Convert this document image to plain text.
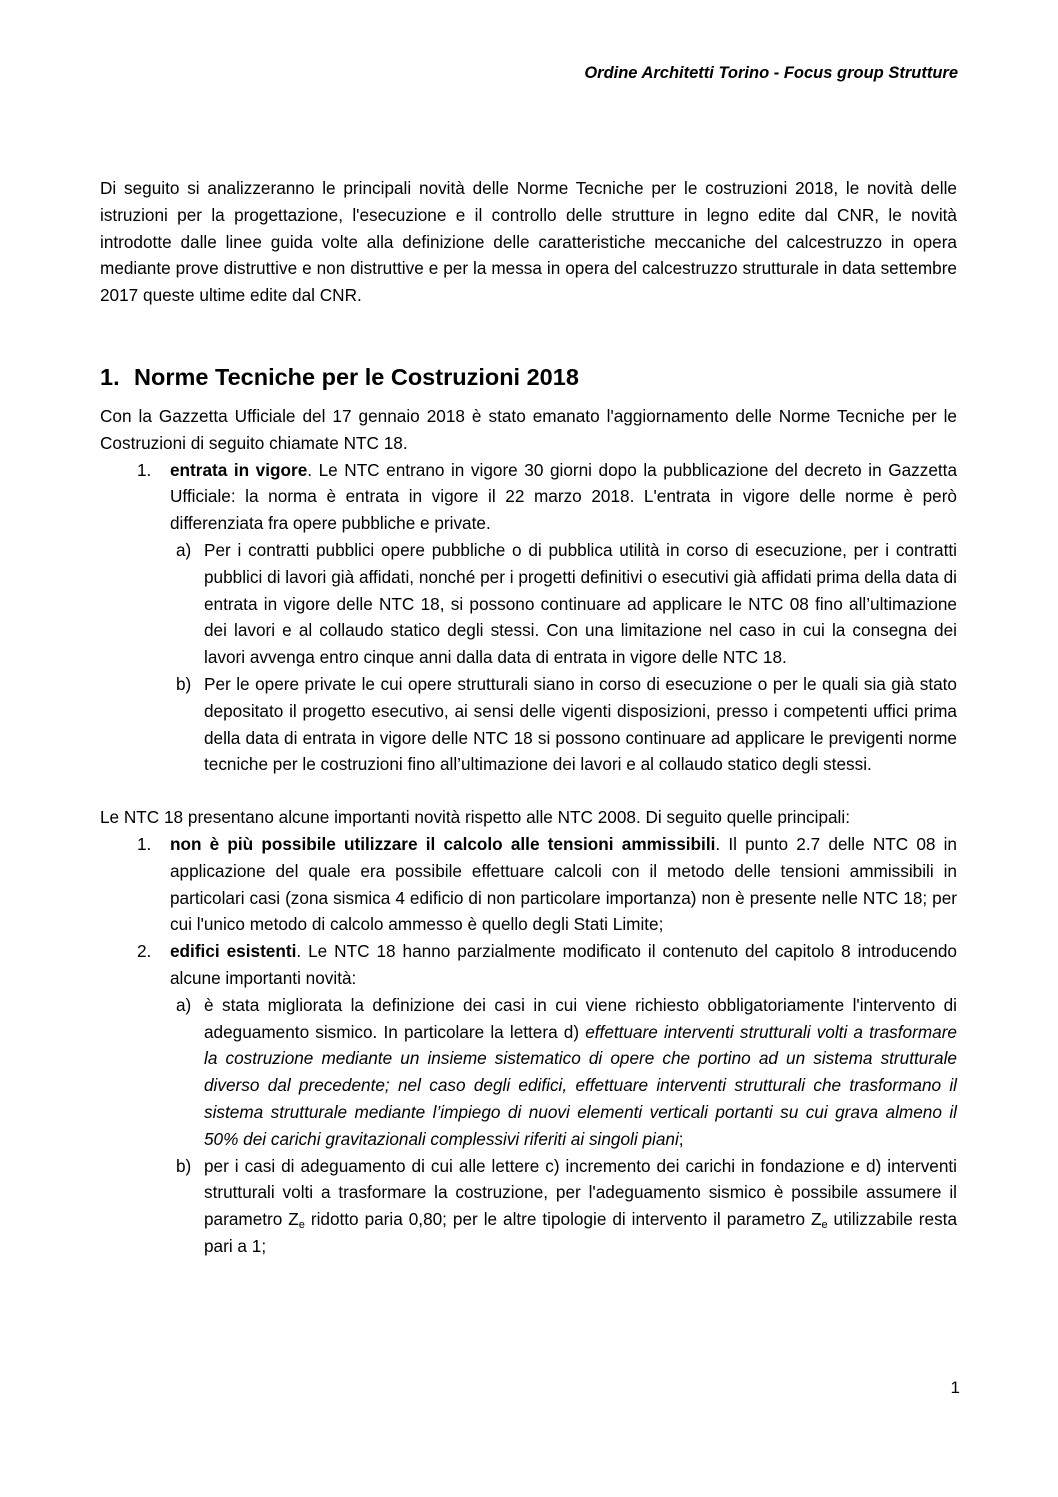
Ordine Architetti Torino - Focus group Strutture

Di seguito si analizzeranno le principali novità delle Norme Tecniche per le costruzioni 2018, le novità delle istruzioni per la progettazione, l'esecuzione e il controllo delle strutture in legno edite dal CNR, le novità introdotte dalle linee guida volte alla definizione delle caratteristiche meccaniche del calcestruzzo in opera mediante prove distruttive e non distruttive e per la messa in opera del calcestruzzo strutturale in data settembre 2017 queste ultime edite dal CNR.

1. Norme Tecniche per le Costruzioni 2018

Con la Gazzetta Ufficiale del 17 gennaio 2018 è stato emanato l'aggiornamento delle Norme Tecniche per le Costruzioni di seguito chiamate NTC 18.

1.	entrata in vigore. Le NTC entrano in vigore 30 giorni dopo la pubblicazione del decreto in Gazzetta Ufficiale: la norma è entrata in vigore il 22 marzo 2018. L'entrata in vigore delle norme è però differenziata fra opere pubbliche e private.

a) Per i contratti pubblici opere pubbliche o di pubblica utilità in corso di esecuzione, per i contratti pubblici di lavori già affidati, nonché per i progetti definitivi o esecutivi già affidati prima della data di entrata in vigore delle NTC 18, si possono continuare ad applicare le NTC 08 fino all’ultimazione dei lavori e al collaudo statico degli stessi. Con una limitazione nel caso in cui la consegna dei lavori avvenga entro cinque anni dalla data di entrata in vigore delle NTC 18.

b) Per le opere private le cui opere strutturali siano in corso di esecuzione o per le quali sia già stato depositato il progetto esecutivo, ai sensi delle vigenti disposizioni, presso i competenti uffici prima della data di entrata in vigore delle NTC 18 si possono continuare ad applicare le previgenti norme tecniche per le costruzioni fino all’ultimazione dei lavori e al collaudo statico degli stessi.

Le NTC 18 presentano alcune importanti novità rispetto alle NTC 2008. Di seguito quelle principali:

1.	non è più possibile utilizzare il calcolo alle tensioni ammissibili. Il punto 2.7 delle NTC 08 in applicazione del quale era possibile effettuare calcoli con il metodo delle tensioni ammissibili in particolari casi (zona sismica 4 edificio di non particolare importanza) non è presente nelle NTC 18; per cui l'unico metodo di calcolo ammesso è quello degli Stati Limite;

2.	edifici esistenti. Le NTC 18 hanno parzialmente modificato il contenuto del capitolo 8 introducendo alcune importanti novità:

a) è stata migliorata la definizione dei casi in cui viene richiesto obbligatoriamente l'intervento di adeguamento sismico. In particolare la lettera d) effettuare interventi strutturali volti a trasformare la costruzione mediante un insieme sistematico di opere che portino ad un sistema strutturale diverso dal precedente; nel caso degli edifici, effettuare interventi strutturali che trasformano il sistema strutturale mediante l’impiego di nuovi elementi verticali portanti su cui grava almeno il 50% dei carichi gravitazionali complessivi riferiti ai singoli piani;

b) per i casi di adeguamento di cui alle lettere c) incremento dei carichi in fondazione e d) interventi strutturali volti a trasformare la costruzione, per l'adeguamento sismico è possibile assumere il parametro $Z_e$ ridotto paria 0,80; per le altre tipologie di intervento il parametro $Z_e$ utilizzabile resta pari a 1;

1
